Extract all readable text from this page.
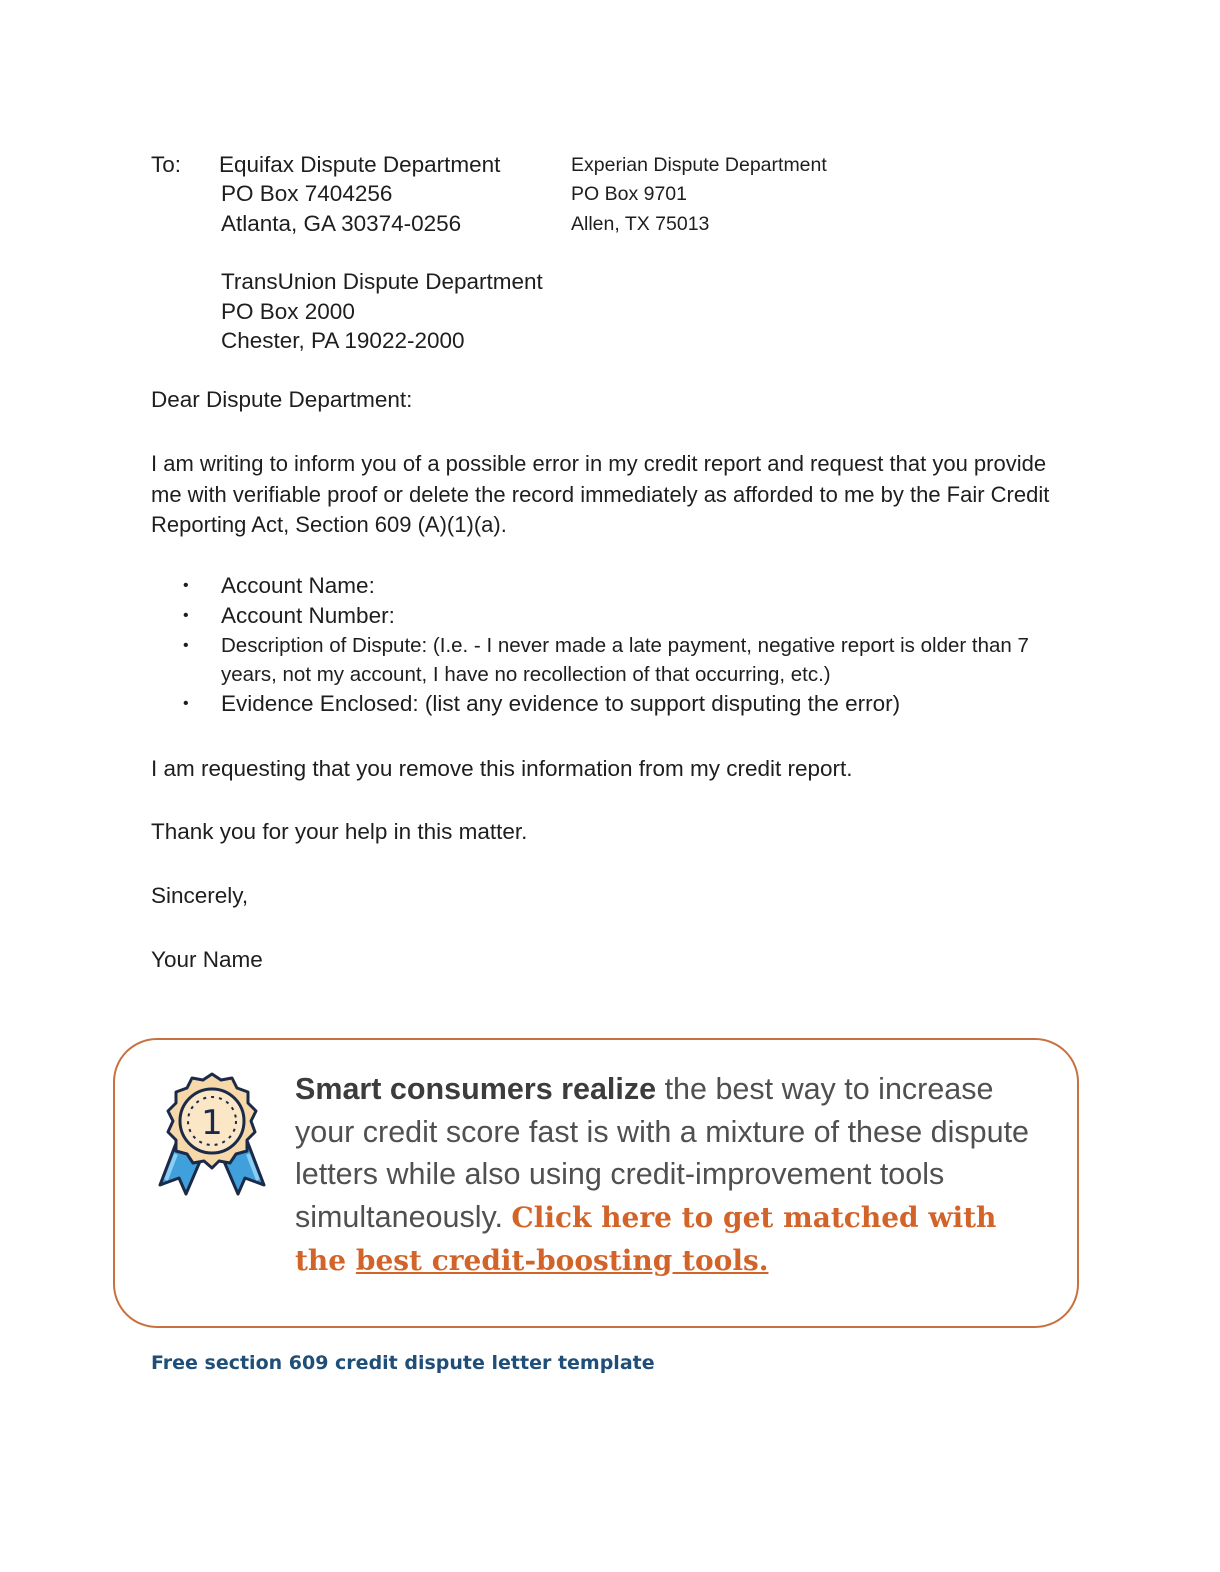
To: Equifax Dispute Department
PO Box 7404256
Atlanta, GA 30374-0256
Experian Dispute Department
PO Box 9701
Allen, TX 75013
TransUnion Dispute Department
PO Box 2000
Chester, PA 19022-2000
Dear Dispute Department:
I am writing to inform you of a possible error in my credit report and request that you provide me with verifiable proof or delete the record immediately as afforded to me by the Fair Credit Reporting Act, Section 609 (A)(1)(a).
• Account Name:
• Account Number:
• Description of Dispute: (I.e. - I never made a late payment, negative report is older than 7 years, not my account, I have no recollection of that occurring, etc.)
• Evidence Enclosed: (list any evidence to support disputing the error)
I am requesting that you remove this information from my credit report.
Thank you for your help in this matter.
Sincerely,
Your Name
1
Smart consumers realize the best way to increase your credit score fast is with a mixture of these dispute letters while also using credit-improvement tools simultaneously. Click here to get matched with the best credit-boosting tools.
Free section 609 credit dispute letter template
